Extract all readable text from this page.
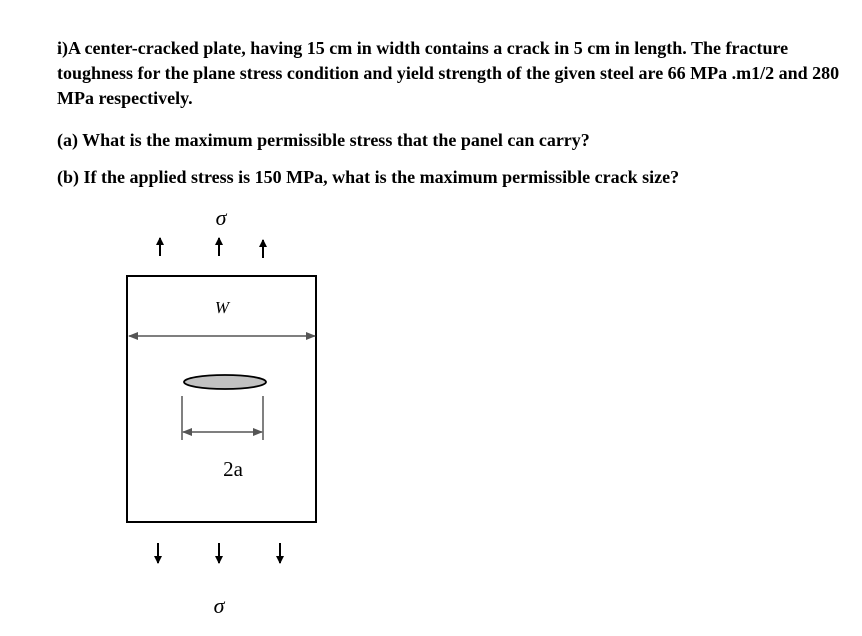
i)A center-cracked plate, having 15 cm in width contains a crack in 5 cm in length. The fracture toughness for the plane stress condition and yield strength of the given steel are 66 MPa .m1/2 and 280 MPa respectively.

(a) What is the maximum permissible stress that the panel can carry?

(b) If the applied stress is 150 MPa, what is the maximum permissible crack size?

σ
W
2a
σ
